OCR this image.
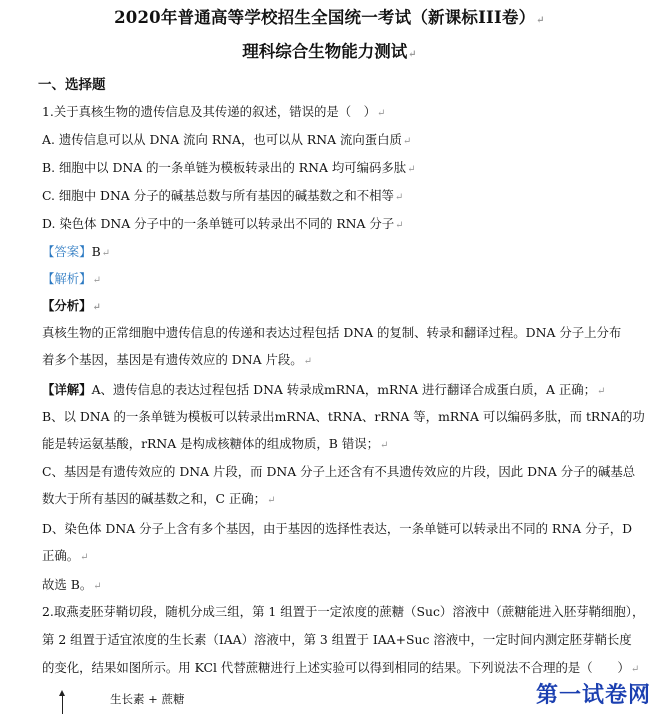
2020年普通高等学校招生全国统一考试（新课标III卷）↵
理科综合生物能力测试↵
一、选择题
1.关于真核生物的遗传信息及其传递的叙述，错误的是（　）↵
A. 遗传信息可以从 DNA 流向 RNA，也可以从 RNA 流向蛋白质↵
B. 细胞中以 DNA 的一条单链为模板转录出的 RNA 均可编码多肽↵
C. 细胞中 DNA 分子的碱基总数与所有基因的碱基数之和不相等↵
D. 染色体 DNA 分子中的一条单链可以转录出不同的 RNA 分子↵
【答案】B↵
【解析】↵
【分析】↵
真核生物的正常细胞中遗传信息的传递和表达过程包括 DNA 的复制、转录和翻译过程。DNA 分子上分布
着多个基因，基因是有遗传效应的 DNA 片段。↵
【详解】A、遗传信息的表达过程包括 DNA 转录成mRNA，mRNA 进行翻译合成蛋白质，A 正确；↵
B、以 DNA 的一条单链为模板可以转录出mRNA、tRNA、rRNA 等，mRNA 可以编码多肽，而 tRNA的功
能是转运氨基酸，rRNA 是构成核糖体的组成物质，B 错误；↵
C、基因是有遗传效应的 DNA 片段，而 DNA 分子上还含有不具遗传效应的片段，因此 DNA 分子的碱基总
数大于所有基因的碱基数之和，C 正确；↵
D、染色体 DNA 分子上含有多个基因，由于基因的选择性表达，一条单链可以转录出不同的 RNA 分子，D
正确。↵
故选 B。↵
2.取燕麦胚芽鞘切段，随机分成三组，第 1 组置于一定浓度的蔗糖（Suc）溶液中（蔗糖能进入胚芽鞘细胞），
第 2 组置于适宜浓度的生长素（IAA）溶液中，第 3 组置于 IAA+Suc 溶液中，一定时间内测定胚芽鞘长度
的变化，结果如图所示。用 KCl 代替蔗糖进行上述实验可以得到相同的结果。下列说法不合理的是（　　）↵
生长素 + 蔗糖	第一试卷网
